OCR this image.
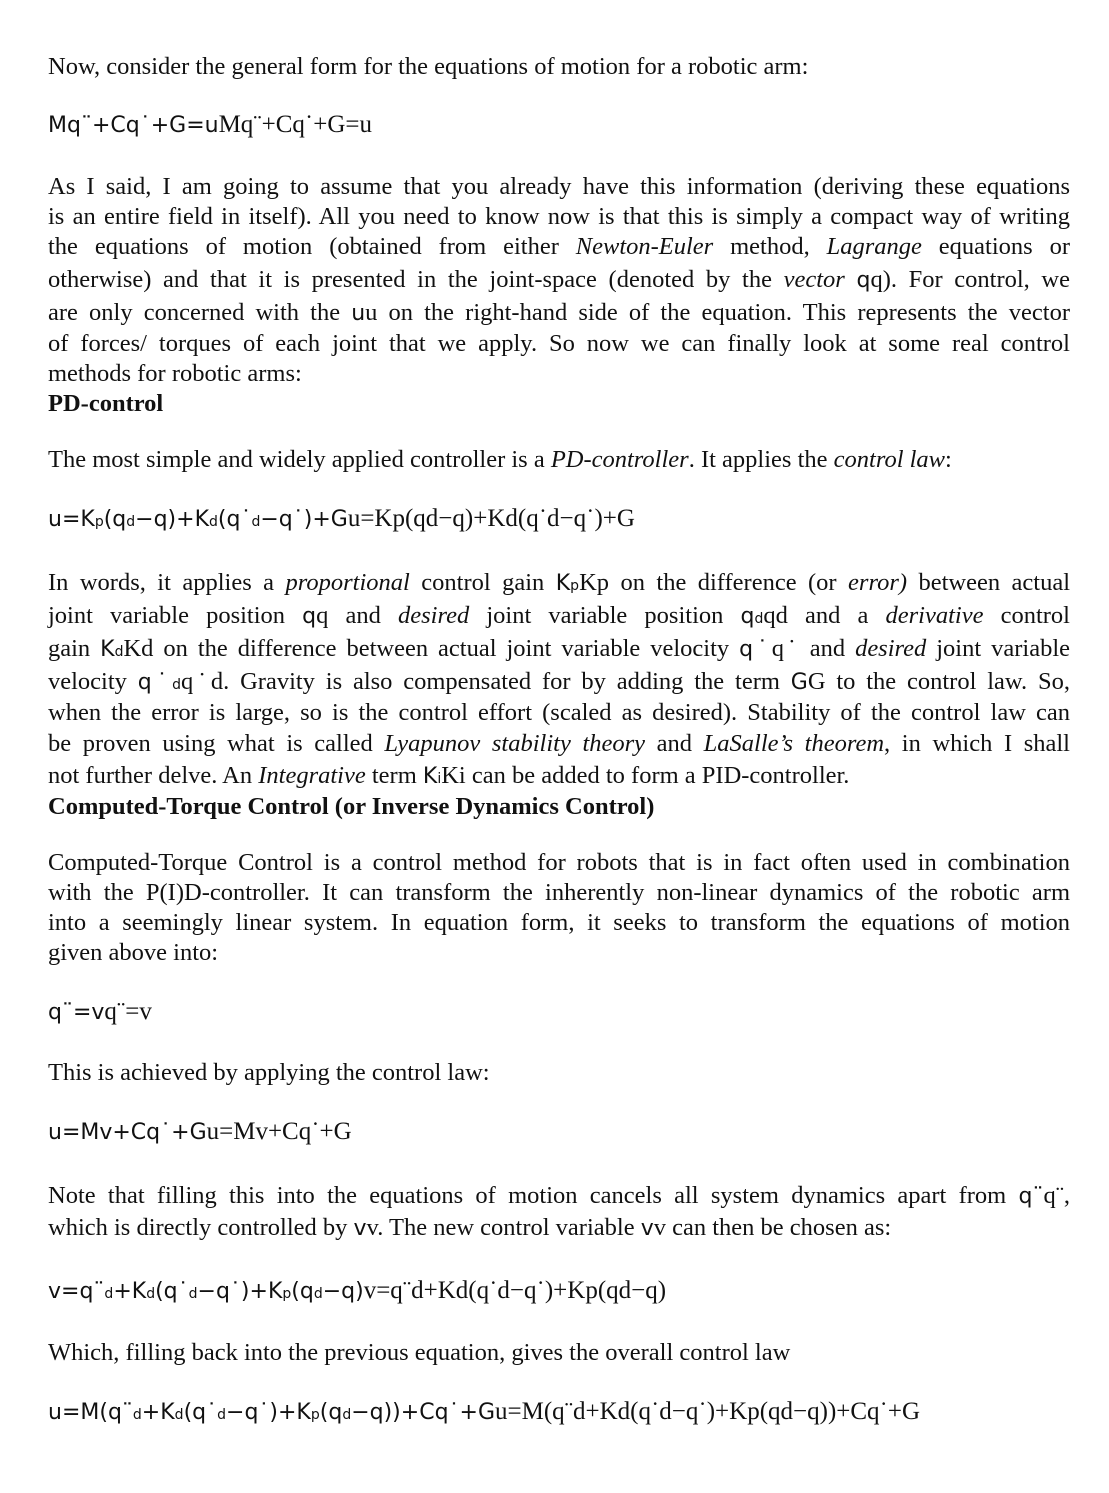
Now, consider the general form for the equations of motion for a robotic arm:
Mq¨+Cq˙+G=uMq¨+Cq˙+G=u
As I said, I am going to assume that you already have this information (deriving these equations
is an entire field in itself). All you need to know now is that this is simply a compact way of writing
the equations of motion (obtained from either Newton-Euler method, Lagrange equations or
otherwise) and that it is presented in the joint-space (denoted by the vector qq). For control, we
are only concerned with the uu on the right-hand side of the equation. This represents the vector
of forces/ torques of each joint that we apply. So now we can finally look at some real control
methods for robotic arms:
PD-control
The most simple and widely applied controller is a PD-controller. It applies the control law:
u=Kp(qd−q)+Kd(q˙d−q˙)+Gu=Kp(qd−q)+Kd(q˙d−q˙)+G
In words, it applies a proportional control gain KpKp on the difference (or error) between actual
joint variable position qq and desired joint variable position qdqd and a derivative control
gain KdKd on the difference between actual joint variable velocity q˙q˙ and desired joint variable
velocity q˙dq˙d. Gravity is also compensated for by adding the term GG to the control law. So,
when the error is large, so is the control effort (scaled as desired). Stability of the control law can
be proven using what is called Lyapunov stability theory and LaSalle’s theorem, in which I shall
not further delve. An Integrative term KiKi can be added to form a PID-controller.
Computed-Torque Control (or Inverse Dynamics Control)
Computed-Torque Control is a control method for robots that is in fact often used in combination
with the P(I)D-controller. It can transform the inherently non-linear dynamics of the robotic arm
into a seemingly linear system. In equation form, it seeks to transform the equations of motion
given above into:
q¨=vq¨=v
This is achieved by applying the control law:
u=Mv+Cq˙+Gu=Mv+Cq˙+G
Note that filling this into the equations of motion cancels all system dynamics apart from q¨q¨,
which is directly controlled by vv. The new control variable vv can then be chosen as:
v=q¨d+Kd(q˙d−q˙)+Kp(qd−q)v=q¨d+Kd(q˙d−q˙)+Kp(qd−q)
Which, filling back into the previous equation, gives the overall control law
u=M(q¨d+Kd(q˙d−q˙)+Kp(qd−q))+Cq˙+Gu=M(q¨d+Kd(q˙d−q˙)+Kp(qd−q))+Cq˙+G
